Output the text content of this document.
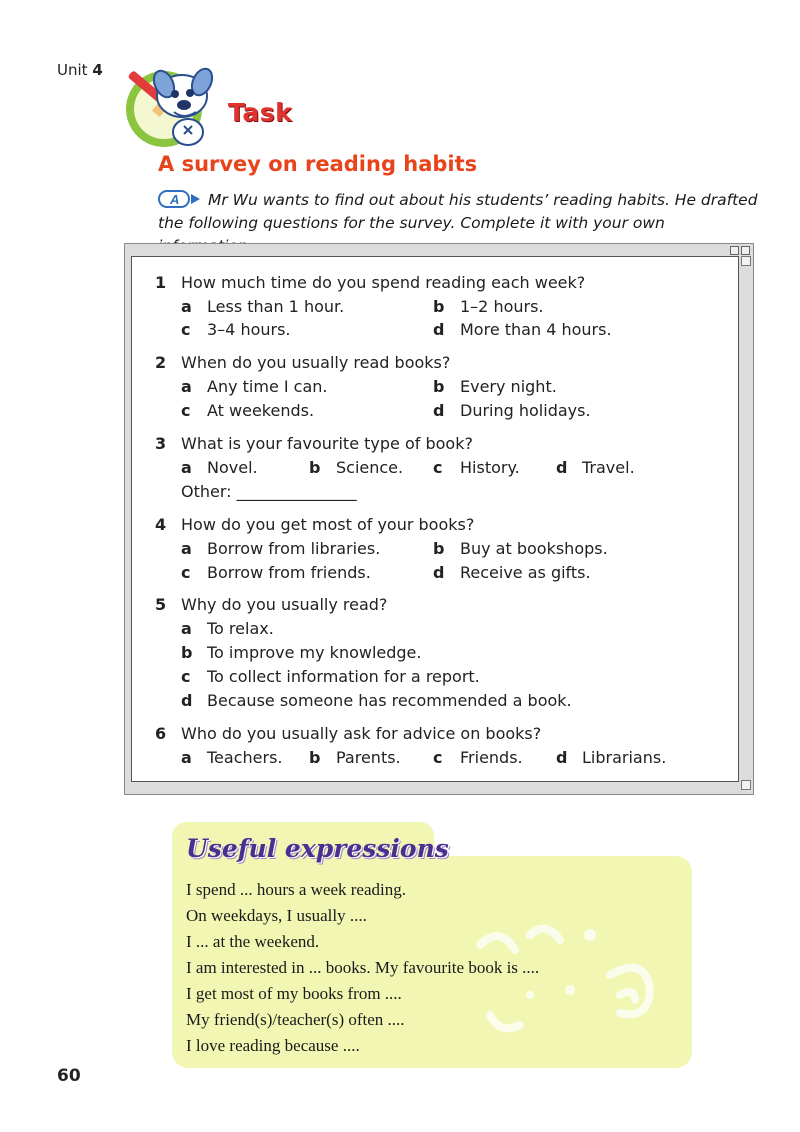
Unit 4
Task
A survey on reading habits
A Mr Wu wants to find out about his students’ reading habits. He drafted the following questions for the survey. Complete it with your own
1 How much time do you spend reading each week?
a Less than 1 hour.	b 1–2 hours.
c 3–4 hours.	d More than 4 hours.
2 When do you usually read books?
a Any time I can.	b Every night.
c At weekends.	d During holidays.
3 What is your favourite type of book?
a Novel.	b Science. c History. d Travel.
Other: _______________
4 How do you get most of your books?
a Borrow from libraries.	b Buy at bookshops.
c Borrow from friends.	d Receive as gifts.
5 Why do you usually read?
a To relax.
b To improve my knowledge.
c To collect information for a report.
d Because someone has recommended a book.
6 Who do you usually ask for advice on books?
a Teachers. b Parents. c Friends. d Librarians.
Useful expressions
I spend ... hours a week reading.
On weekdays, I usually ....
I ... at the weekend.
I am interested in ... books. My favourite book is ....
I get most of my books from ....
My friend(s)/teacher(s) often ....
I love reading because ....
60
